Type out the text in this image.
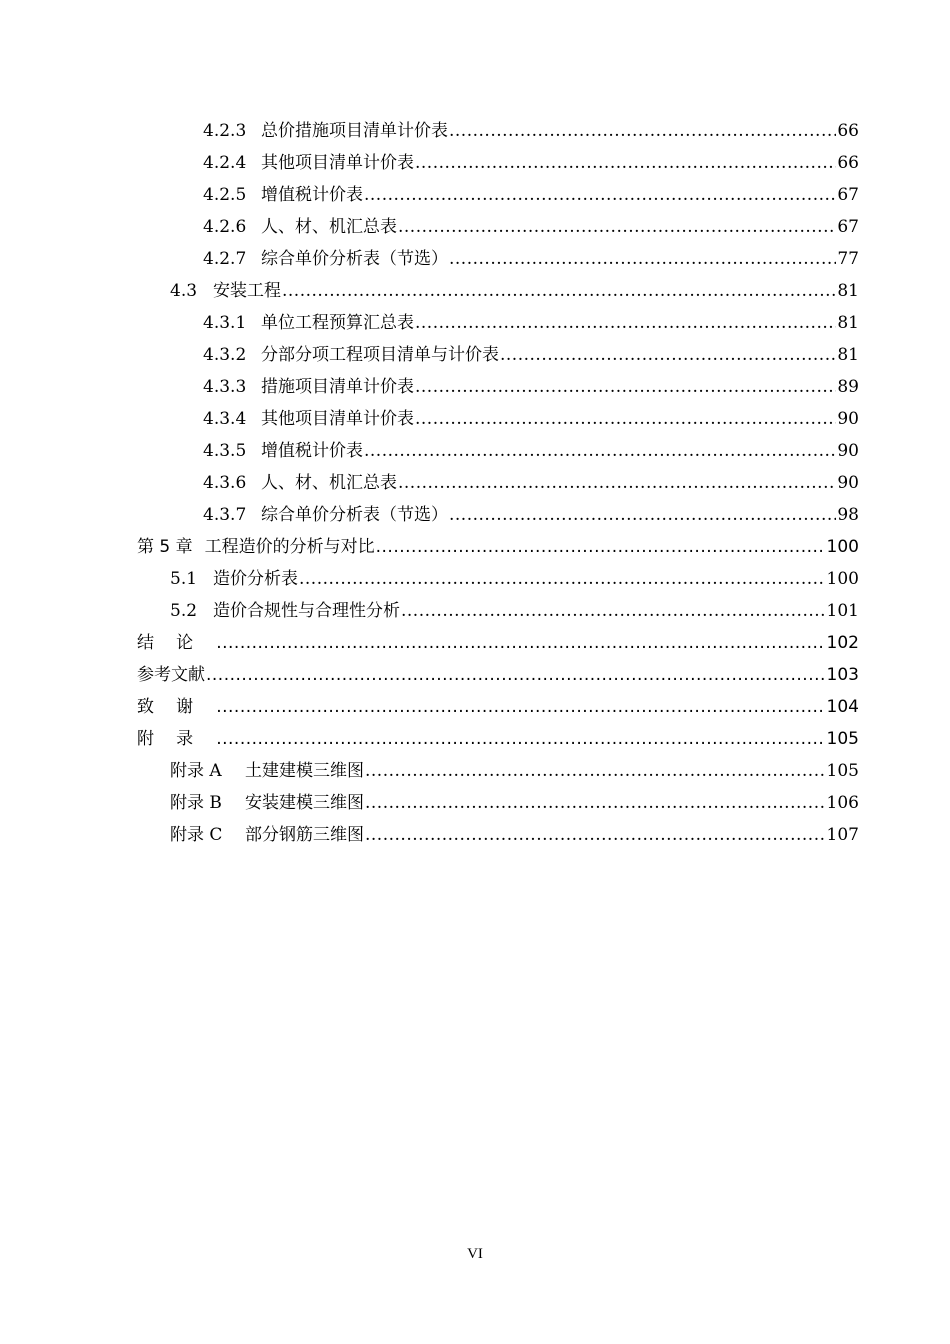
4.2.3 总价措施项目清单计价表 .....	66
4.2.4 其他项目清单计价表 .....	66
4.2.5 增值税计价表 .....	67
4.2.6 人、材、机汇总表 .....	67
4.2.7 综合单价分析表（节选） .....	77
4.3 安装工程 .....	81
4.3.1 单位工程预算汇总表 .....	81
4.3.2 分部分项工程项目清单与计价表 .....	81
4.3.3 措施项目清单计价表 .....	89
4.3.4 其他项目清单计价表 .....	90
4.3.5 增值税计价表 .....	90
4.3.6 人、材、机汇总表 .....	90
4.3.7 综合单价分析表（节选） .....	98
第 5 章 工程造价的分析与对比 .....	100
5.1 造价分析表 .....	100
5.2 造价合规性与合理性分析 .....	101
结论 .....	102
参考文献 .....	103
致谢 .....	104
附录 .....	105
附录 A	土建建模三维图 .....	105
附录 B	安装建模三维图 .....	106
附录 C	部分钢筋三维图 .....	107
VI
